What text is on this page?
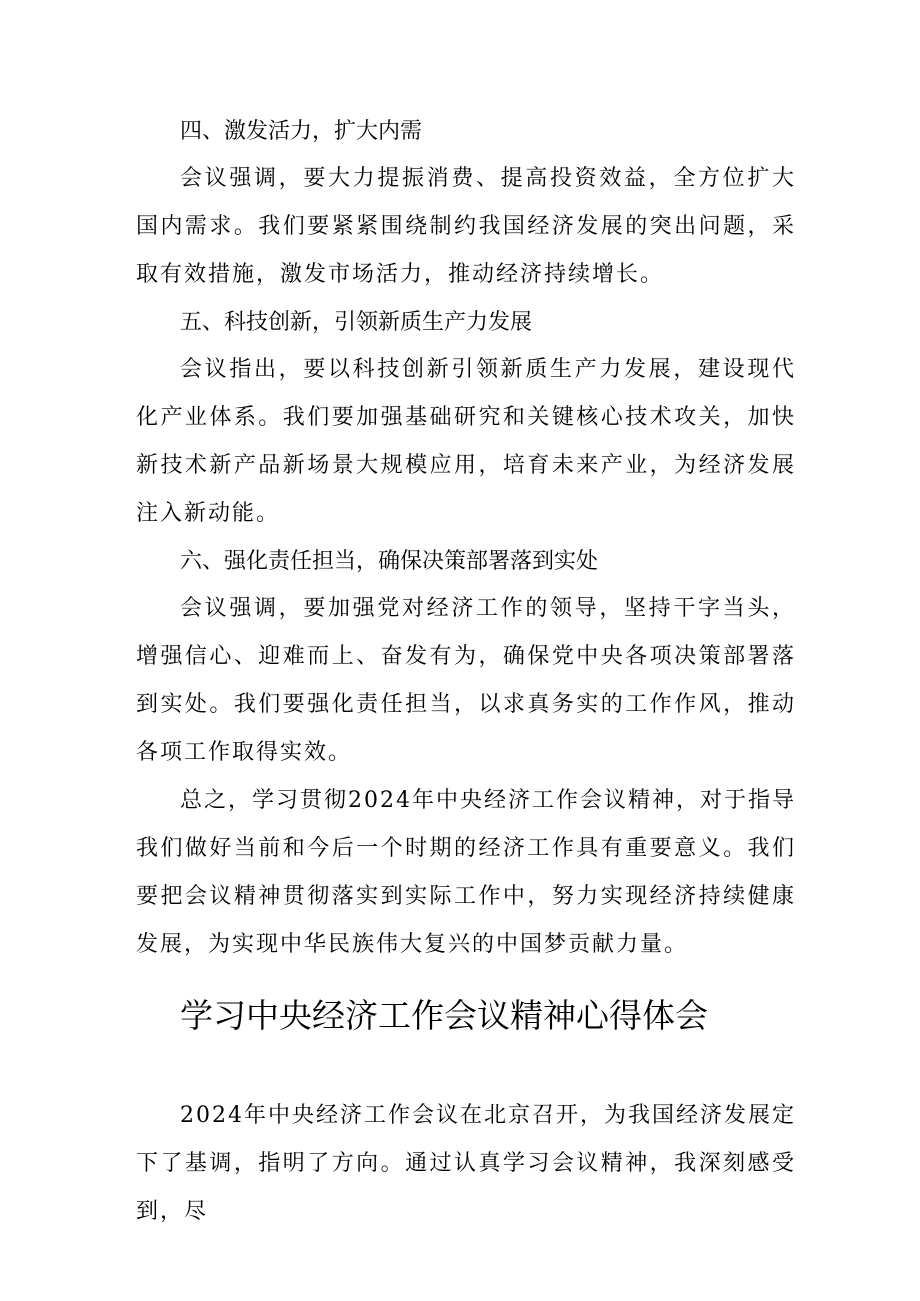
四、激发活力，扩大内需

会议强调，要大力提振消费、提高投资效益，全方位扩大国内需求。我们要紧紧围绕制约我国经济发展的突出问题，采取有效措施，激发市场活力，推动经济持续增长。

五、科技创新，引领新质生产力发展

会议指出，要以科技创新引领新质生产力发展，建设现代化产业体系。我们要加强基础研究和关键核心技术攻关，加快新技术新产品新场景大规模应用，培育未来产业，为经济发展注入新动能。

六、强化责任担当，确保决策部署落到实处

会议强调，要加强党对经济工作的领导，坚持干字当头，增强信心、迎难而上、奋发有为，确保党中央各项决策部署落到实处。我们要强化责任担当，以求真务实的工作作风，推动各项工作取得实效。

总之，学习贯彻2024年中央经济工作会议精神，对于指导我们做好当前和今后一个时期的经济工作具有重要意义。我们要把会议精神贯彻落实到实际工作中，努力实现经济持续健康发展，为实现中华民族伟大复兴的中国梦贡献力量。

学习中央经济工作会议精神心得体会

2024年中央经济工作会议在北京召开，为我国经济发展定下了基调，指明了方向。通过认真学习会议精神，我深刻感受到，尽
